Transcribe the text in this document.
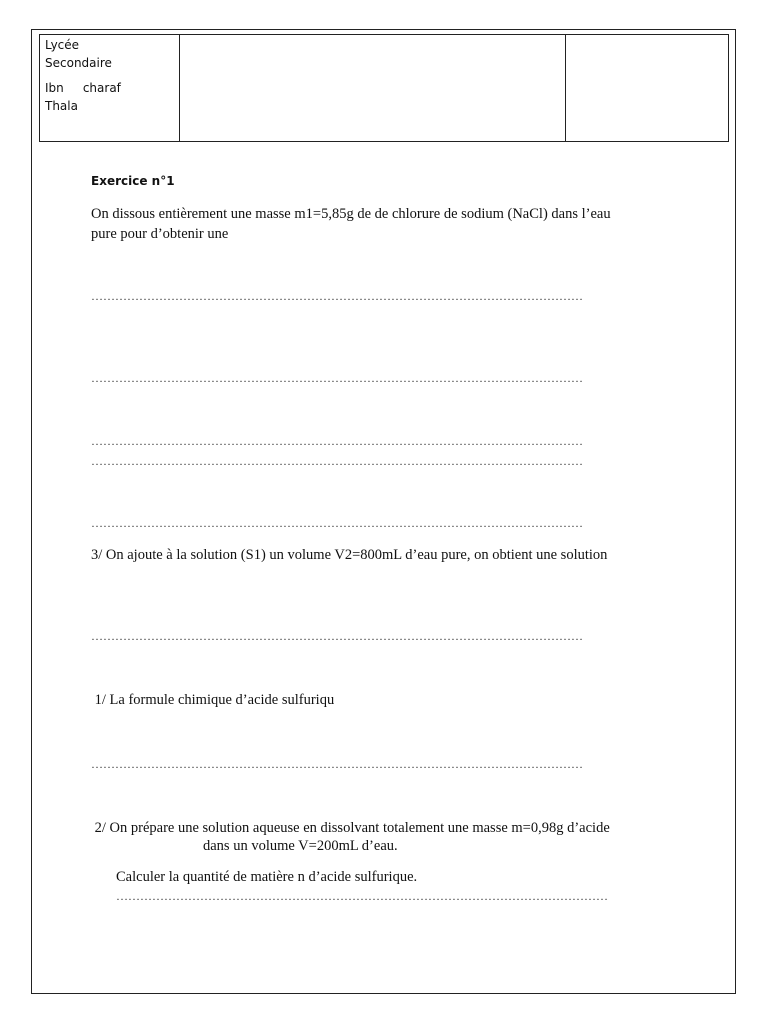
Lycée
Secondaire
Ibn     charaf
Thala
Exercice n°1
On dissous entièrement une masse m1=5,85g de de chlorure de sodium (NaCl) dans l’eau
pure pour d’obtenir une
……………………………………………………………………………………………………………
……………………………………………………………………………………………………………
……………………………………………………………………………………………………………
……………………………………………………………………………………………………………
……………………………………………………………………………………………………………
3/ On ajoute à la solution (S1) un volume V2=800mL d’eau pure, on obtient une solution
……………………………………………………………………………………………………………
1/ La formule chimique d’acide sulfuriqu
……………………………………………………………………………………………………………
2/ On prépare une solution aqueuse en dissolvant totalement une masse m=0,98g d’acide
dans un volume V=200mL d’eau.
Calculer la quantité de matière n d’acide sulfurique.
……………………………………………………………………………………………………………
